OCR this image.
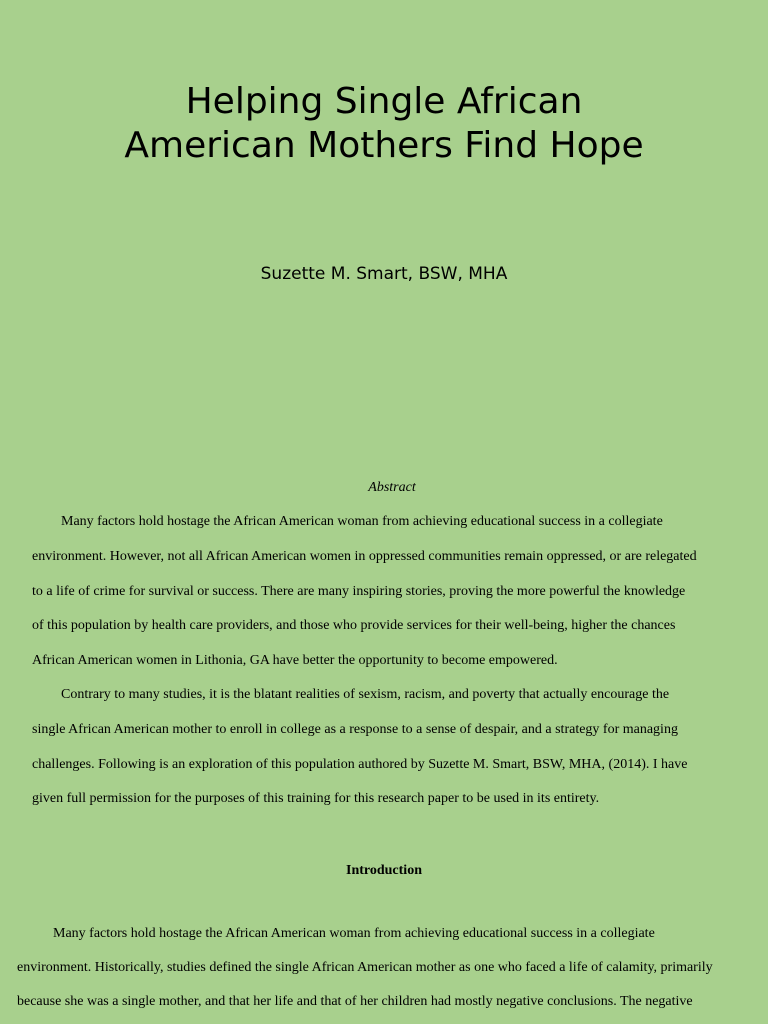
Helping Single African
American Mothers Find Hope
Suzette M. Smart, BSW, MHA
Abstract
Many factors hold hostage the African American woman from achieving educational success in a collegiate
environment. However, not all African American women in oppressed communities remain oppressed, or are relegated
to a life of crime for survival or success. There are many inspiring stories, proving the more powerful the knowledge
of this population by health care providers, and those who provide services for their well-being, higher the chances
African American women in Lithonia, GA have better the opportunity to become empowered.
Contrary to many studies, it is the blatant realities of sexism, racism, and poverty that actually encourage the
single African American mother to enroll in college as a response to a sense of despair, and a strategy for managing
challenges. Following is an exploration of this population authored by Suzette M. Smart, BSW, MHA, (2014). I have
given full permission for the purposes of this training for this research paper to be used in its entirety.
Introduction
Many factors hold hostage the African American woman from achieving educational success in a collegiate
environment. Historically, studies defined the single African American mother as one who faced a life of calamity, primarily
because she was a single mother, and that her life and that of her children had mostly negative conclusions. The negative
